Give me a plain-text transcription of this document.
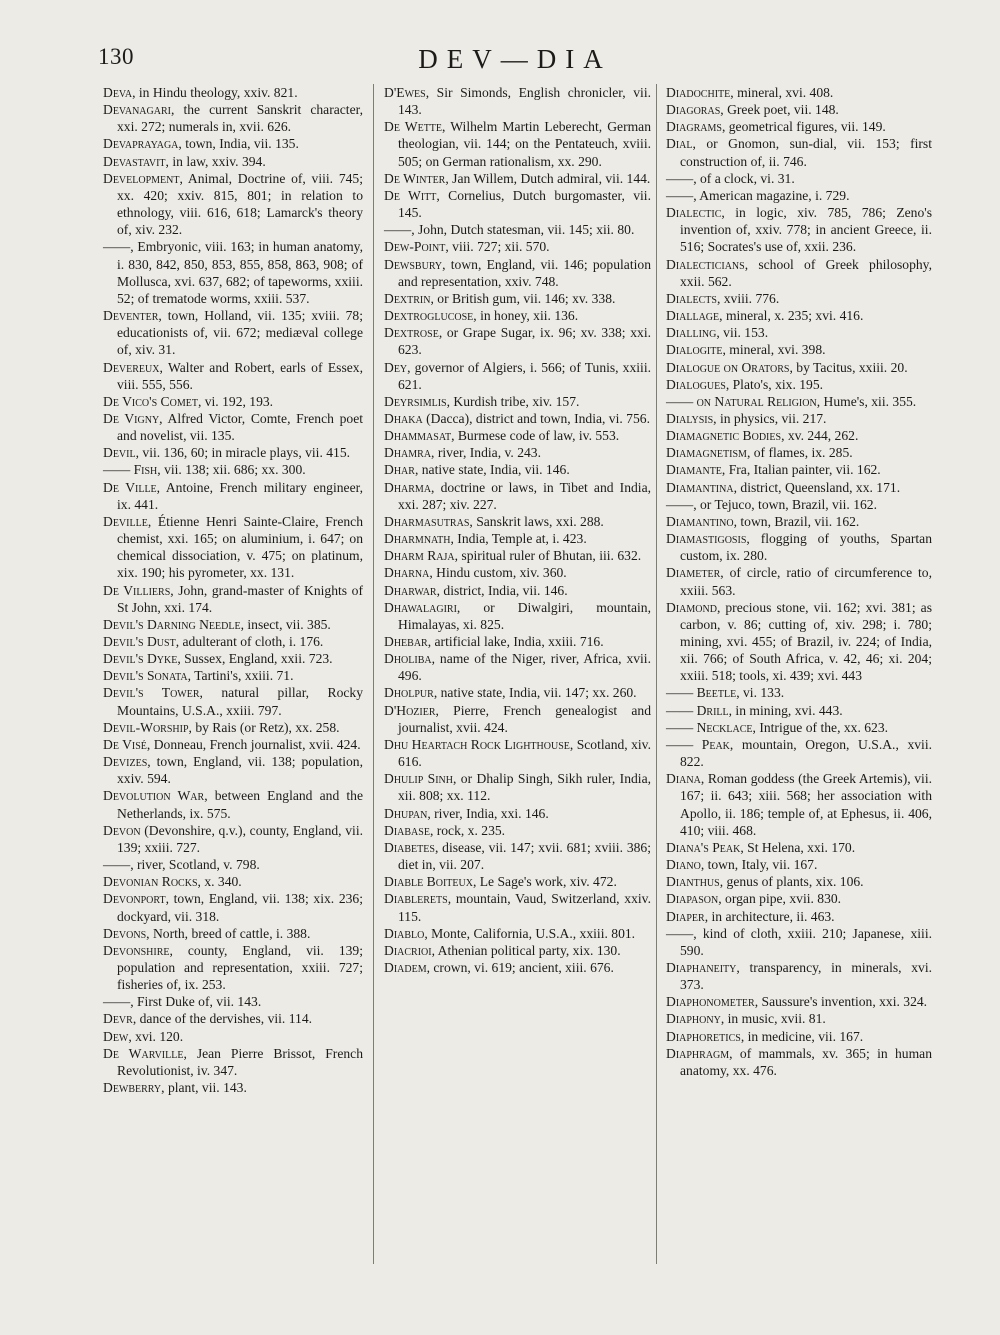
130	DEV—DIA

Deva, in Hindu theology, xxiv. 821.

Devanagari, the current Sanskrit character, xxi. 272; numerals in, xvii. 626.

Devaprayaga, town, India, vii. 135.

Devastavit, in law, xxiv. 394.

Development, Animal, Doctrine of, viii. 745; xx. 420; xxiv. 815, 801; in relation to ethnology, viii. 616, 618; Lamarck's theory of, xiv. 232.

——, Embryonic, viii. 163; in human anatomy, i. 830, 842, 850, 853, 855, 858, 863, 908; of Mollusca, xvi. 637, 682; of tapeworms, xxiii. 52; of trematode worms, xxiii. 537.

Deventer, town, Holland, vii. 135; xviii. 78; educationists of, vii. 672; mediæval college of, xiv. 31.

Devereux, Walter and Robert, earls of Essex, viii. 555, 556.

De Vico's Comet, vi. 192, 193.

De Vigny, Alfred Victor, Comte, French poet and novelist, vii. 135.

Devil, vii. 136, 60; in miracle plays, vii. 415.

—— Fish, vii. 138; xii. 686; xx. 300.

De Ville, Antoine, French military engineer, ix. 441.

Deville, Étienne Henri Sainte-Claire, French chemist, xxi. 165; on aluminium, i. 647; on chemical dissociation, v. 475; on platinum, xix. 190; his pyrometer, xx. 131.

De Villiers, John, grand-master of Knights of St John, xxi. 174.

Devil's Darning Needle, insect, vii. 385.

Devil's Dust, adulterant of cloth, i. 176.

Devil's Dyke, Sussex, England, xxii. 723.

Devil's Sonata, Tartini's, xxiii. 71.

Devil's Tower, natural pillar, Rocky Mountains, U.S.A., xxiii. 797.

Devil-Worship, by Rais (or Retz), xx. 258.

De Visé, Donneau, French journalist, xvii. 424.

Devizes, town, England, vii. 138; population, xxiv. 594.

Devolution War, between England and the Netherlands, ix. 575.

Devon (Devonshire, q.v.), county, England, vii. 139; xxiii. 727.

——, river, Scotland, v. 798.

Devonian Rocks, x. 340.

Devonport, town, England, vii. 138; xix. 236; dockyard, vii. 318.

Devons, North, breed of cattle, i. 388.

Devonshire, county, England, vii. 139; population and representation, xxiii. 727; fisheries of, ix. 253.

——, First Duke of, vii. 143.

Devr, dance of the dervishes, vii. 114.

Dew, xvi. 120.

De Warville, Jean Pierre Brissot, French Revolutionist, iv. 347.

Dewberry, plant, vii. 143.

D'Ewes, Sir Simonds, English chronicler, vii. 143.

De Wette, Wilhelm Martin Leberecht, German theologian, vii. 144; on the Pentateuch, xviii. 505; on German rationalism, xx. 290.

De Winter, Jan Willem, Dutch admiral, vii. 144.

De Witt, Cornelius, Dutch burgomaster, vii. 145.

——, John, Dutch statesman, vii. 145; xii. 80.

Dew-Point, viii. 727; xii. 570.

Dewsbury, town, England, vii. 146; population and representation, xxiv. 748.

Dextrin, or British gum, vii. 146; xv. 338.

Dextroglucose, in honey, xii. 136.

Dextrose, or Grape Sugar, ix. 96; xv. 338; xxi. 623.

Dey, governor of Algiers, i. 566; of Tunis, xxiii. 621.

Deyrsimlis, Kurdish tribe, xiv. 157.

Dhaka (Dacca), district and town, India, vi. 756.

Dhammasat, Burmese code of law, iv. 553.

Dhamra, river, India, v. 243.

Dhar, native state, India, vii. 146.

Dharma, doctrine or laws, in Tibet and India, xxi. 287; xiv. 227.

Dharmasutras, Sanskrit laws, xxi. 288.

Dharmnath, India, Temple at, i. 423.

Dharm Raja, spiritual ruler of Bhutan, iii. 632.

Dharna, Hindu custom, xiv. 360.

Dharwar, district, India, vii. 146.

Dhawalagiri, or Diwalgiri, mountain, Himalayas, xi. 825.

Dhebar, artificial lake, India, xxiii. 716.

Dholiba, name of the Niger, river, Africa, xvii. 496.

Dholpur, native state, India, vii. 147; xx. 260.

D'Hozier, Pierre, French genealogist and journalist, xvii. 424.

Dhu Heartach Rock Lighthouse, Scotland, xiv. 616.

Dhulip Sinh, or Dhalip Singh, Sikh ruler, India, xii. 808; xx. 112.

Dhupan, river, India, xxi. 146.

Diabase, rock, x. 235.

Diabetes, disease, vii. 147; xvii. 681; xviii. 386; diet in, vii. 207.

Diable Boiteux, Le Sage's work, xiv. 472.

Diablerets, mountain, Vaud, Switzerland, xxiv. 115.

Diablo, Monte, California, U.S.A., xxiii. 801.

Diacrioi, Athenian political party, xix. 130.

Diadem, crown, vi. 619; ancient, xiii. 676.

Diadochite, mineral, xvi. 408.

Diagoras, Greek poet, vii. 148.

Diagrams, geometrical figures, vii. 149.

Dial, or Gnomon, sun-dial, vii. 153; first construction of, ii. 746.

——, of a clock, vi. 31.

——, American magazine, i. 729.

Dialectic, in logic, xiv. 785, 786; Zeno's invention of, xxiv. 778; in ancient Greece, ii. 516; Socrates's use of, xxii. 236.

Dialecticians, school of Greek philosophy, xxii. 562.

Dialects, xviii. 776.

Diallage, mineral, x. 235; xvi. 416.

Dialling, vii. 153.

Dialogite, mineral, xvi. 398.

Dialogue on Orators, by Tacitus, xxiii. 20.

Dialogues, Plato's, xix. 195.

—— on Natural Religion, Hume's, xii. 355.

Dialysis, in physics, vii. 217.

Diamagnetic Bodies, xv. 244, 262.

Diamagnetism, of flames, ix. 285.

Diamante, Fra, Italian painter, vii. 162.

Diamantina, district, Queensland, xx. 171.

——, or Tejuco, town, Brazil, vii. 162.

Diamantino, town, Brazil, vii. 162.

Diamastigosis, flogging of youths, Spartan custom, ix. 280.

Diameter, of circle, ratio of circumference to, xxiii. 563.

Diamond, precious stone, vii. 162; xvi. 381; as carbon, v. 86; cutting of, xiv. 298; i. 780; mining, xvi. 455; of Brazil, iv. 224; of India, xii. 766; of South Africa, v. 42, 46; xi. 204; xxiii. 518; tools, xi. 439; xvi. 443

—— Beetle, vi. 133.

—— Drill, in mining, xvi. 443.

—— Necklace, Intrigue of the, xx. 623.

—— Peak, mountain, Oregon, U.S.A., xvii. 822.

Diana, Roman goddess (the Greek Artemis), vii. 167; ii. 643; xiii. 568; her association with Apollo, ii. 186; temple of, at Ephesus, ii. 406, 410; viii. 468.

Diana's Peak, St Helena, xxi. 170.

Diano, town, Italy, vii. 167.

Dianthus, genus of plants, xix. 106.

Diapason, organ pipe, xvii. 830.

Diaper, in architecture, ii. 463.

——, kind of cloth, xxiii. 210; Japanese, xiii. 590.

Diaphaneity, transparency, in minerals, xvi. 373.

Diaphonometer, Saussure's invention, xxi. 324.

Diaphony, in music, xvii. 81.

Diaphoretics, in medicine, vii. 167.

Diaphragm, of mammals, xv. 365; in human anatomy, xx. 476.
